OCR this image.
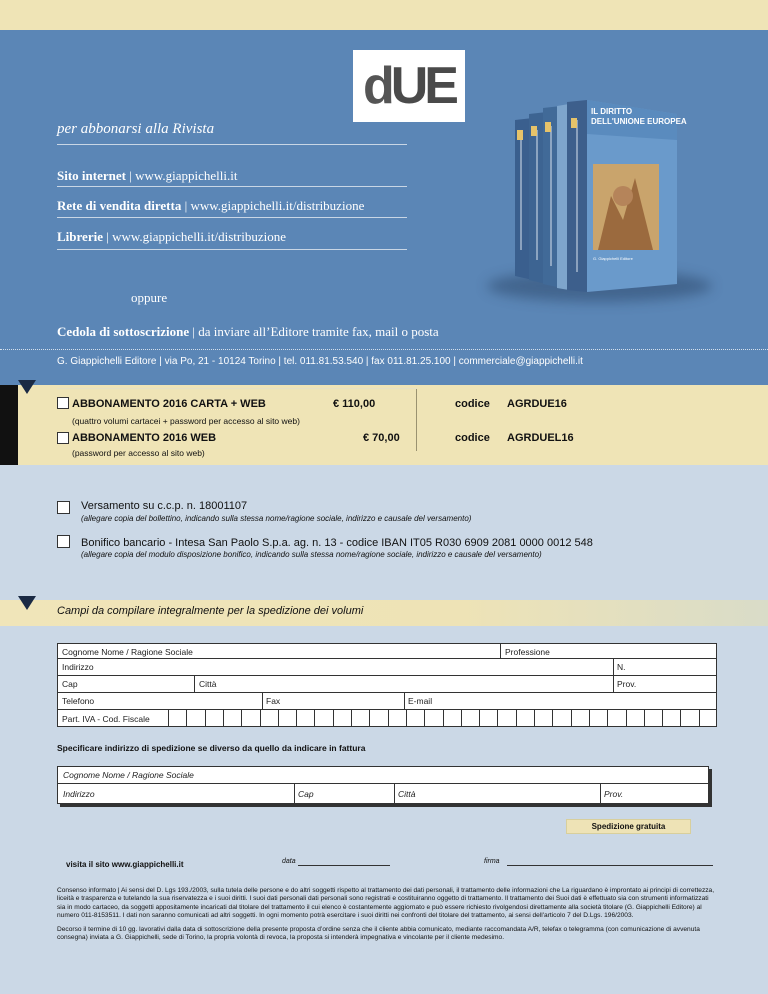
dUE
per abbonarsi alla Rivista
Sito internet | www.giappichelli.it
Rete di vendita diretta | www.giappichelli.it/distribuzione
Librerie | www.giappichelli.it/distribuzione
oppure
Cedola di sottoscrizione | da inviare all’Editore tramite fax, mail o posta
G. Giappichelli Editore | via Po, 21 - 10124 Torino | tel. 011.81.53.540 | fax 011.81.25.100 | commerciale@giappichelli.it
IL DIRITTO
DELL'UNIONE EUROPEA
G. Giappichelli Editore
ABBONAMENTO 2016 CARTA + WEB	€ 110,00	codice AGRDUE16
(quattro volumi cartacei + password per accesso al sito web)
ABBONAMENTO 2016 WEB	€ 70,00	codice AGRDUEL16
(password per accesso al sito web)
Versamento su c.c.p. n. 18001107
(allegare copia del bollettino, indicando sulla stessa nome/ragione sociale, indirizzo e causale del versamento)
Bonifico bancario - Intesa San Paolo S.p.a. ag. n. 13 - codice IBAN IT05 R030 6909 2081 0000 0012 548
(allegare copia del modulo disposizione bonifico, indicando sulla stessa nome/ragione sociale, indirizzo e causale del versamento)
Campi da compilare integralmente per la spedizione dei volumi
Cognome Nome / Ragione Sociale	Professione
Indirizzo	N.
Cap	Città	Prov.
Telefono	Fax	E-mail
Part. IVA - Cod. Fiscale
Specificare indirizzo di spedizione se diverso da quello da indicare in fattura
Cognome Nome / Ragione Sociale
Indirizzo	Cap	Città	Prov.
Spedizione gratuita
visita il sito www.giappichelli.it	data	firma
Consenso informato | Ai sensi del D. Lgs 193./2003, sulla tutela delle persone e do altri soggetti rispetto al trattamento dei dati personali, il trattamento delle informazioni che La riguardano è improntato ai principi di correttezza, liceità e trasparenza e tutelando la sua riservatezza e i suoi diritti. I suoi dati personali dati personali sono registrati e costituiranno oggetto di trattamento. Il trattamento dei Suoi dati è effettuato sia con strumenti informatizzati sia in modo cartaceo, da soggetti appositamente incaricati dal titolare del trattamento il cui elenco è costantemente aggiornato e può essere richiesto rivolgendosi direttamente alla società titolare (G. Giappichelli Editore) al numero 011-8153511. I dati non saranno comunicati ad altri soggetti. In ogni momento potrà esercitare i suoi diritti nei confronti del titolare del trattamento, ai sensi dell'articolo 7 del D.Lgs. 196/2003.
Decorso il termine di 10 gg. lavorativi dalla data di sottoscrizione della presente proposta d’ordine senza che il cliente abbia comunicato, mediante raccomandata A/R, telefax o telegramma (con comunicazione di avvenuta consegna) inviata a G. Giappichelli, sede di Torino, la propria volontà di revoca, la proposta si intenderà impegnativa e vincolante per il cliente medesimo.
